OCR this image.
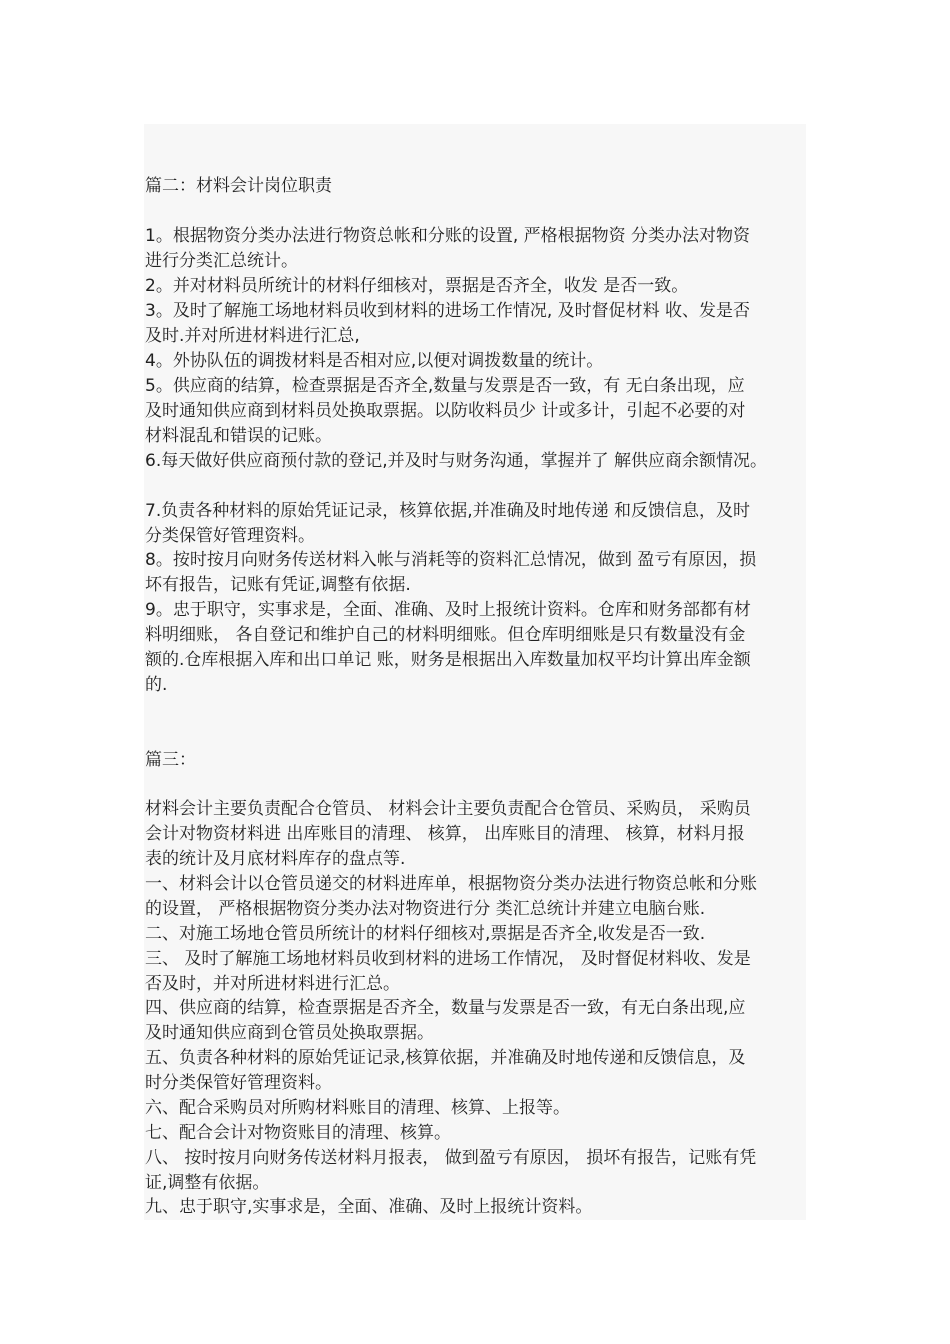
篇二：材料会计岗位职责
1。根据物资分类办法进行物资总帐和分账的设置, 严格根据物资 分类办法对物资
进行分类汇总统计。
2。并对材料员所统计的材料仔细核对，票据是否齐全，收发 是否一致。
3。及时了解施工场地材料员收到材料的进场工作情况, 及时督促材料 收、发是否
及时.并对所进材料进行汇总,
4。外协队伍的调拨材料是否相对应,以便对调拨数量的统计。
5。供应商的结算，检查票据是否齐全,数量与发票是否一致，有 无白条出现，应
及时通知供应商到材料员处换取票据。以防收料员少 计或多计，引起不必要的对
材料混乱和错误的记账。
6.每天做好供应商预付款的登记,并及时与财务沟通，掌握并了 解供应商余额情况。
7.负责各种材料的原始凭证记录，核算依据,并准确及时地传递 和反馈信息，及时
分类保管好管理资料。
8。按时按月向财务传送材料入帐与消耗等的资料汇总情况，做到 盈亏有原因，损
坏有报告，记账有凭证,调整有依据.
9。忠于职守，实事求是，全面、准确、及时上报统计资料。仓库和财务部都有材
料明细账， 各自登记和维护自己的材料明细账。但仓库明细账是只有数量没有金
额的.仓库根据入库和出口单记 账，财务是根据出入库数量加权平均计算出库金额
的.
篇三：
材料会计主要负责配合仓管员、 材料会计主要负责配合仓管员、采购员， 采购员
会计对物资材料进 出库账目的清理、 核算， 出库账目的清理、 核算，材料月报
表的统计及月底材料库存的盘点等.
一、材料会计以仓管员递交的材料进库单，根据物资分类办法进行物资总帐和分账
的设置， 严格根据物资分类办法对物资进行分 类汇总统计并建立电脑台账.
二、对施工场地仓管员所统计的材料仔细核对,票据是否齐全,收发是否一致.
三、 及时了解施工场地材料员收到材料的进场工作情况， 及时督促材料收、发是
否及时，并对所进材料进行汇总。
四、供应商的结算，检查票据是否齐全，数量与发票是否一致，有无白条出现,应
及时通知供应商到仓管员处换取票据。
五、负责各种材料的原始凭证记录,核算依据，并准确及时地传递和反馈信息，及
时分类保管好管理资料。
六、配合采购员对所购材料账目的清理、核算、上报等。
七、配合会计对物资账目的清理、核算。
八、 按时按月向财务传送材料月报表， 做到盈亏有原因， 损坏有报告，记账有凭
证,调整有依据。
九、忠于职守,实事求是，全面、准确、及时上报统计资料。
